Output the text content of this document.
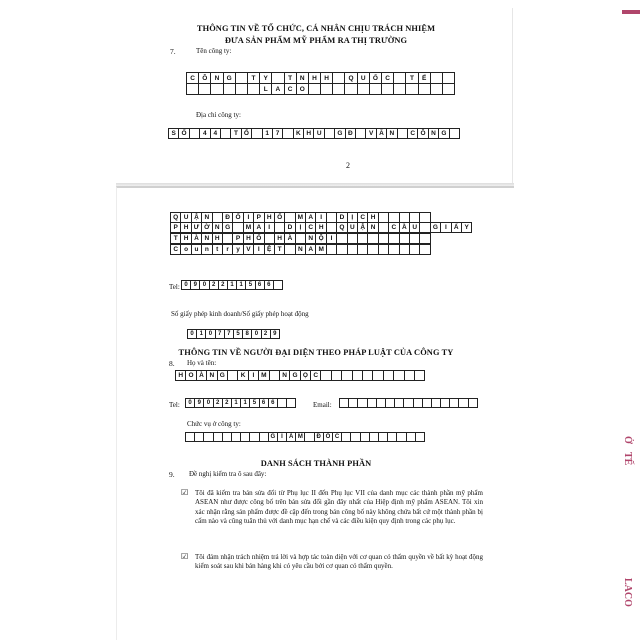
THÔNG TIN VỀ TỔ CHỨC, CÁ NHÂN CHỊU TRÁCH NHIỆM
ĐƯA SẢN PHẨM MỸ PHẨM RA THỊ TRƯỜNG
7.	Tên công ty:
C	Ô	N	G	T	Y	T	N	H	H	Q	U	Ố	C	T	Ế
L	A	C	O
Địa chỉ công ty:
S Ố	4	4	T Ổ	1	7	K H U	G Đ	V Ă N	C Ô N G
2
Q U Ậ N	Đ Ố	I	P H Ố	M A	I	D	Ị	C H
P H Ư Ờ N G	M A	I	D	Ị	C H	Q U Ậ N	C Ầ U	G	I	Ấ Y
T H À N H	P H Ố	H À	N Ộ	I
C o u n	t	r	y V	I	Ệ T	N A M
Tel: 0 9 0 2 2 1 1 5 6 6
Số giấy phép kinh doanh/Số giấy phép hoạt động
0 1 0 7 7 5 8 0 2 9
THÔNG TIN VỀ NGƯỜI ĐẠI DIỆN THEO PHÁP LUẬT CỦA CÔNG TY
8. Họ và tên:
H O À N G	K	I	M	N G Ọ C
Tel:	0 9 0 2 2 1 1 5 6 6	Email:
Chức vụ ở công ty:
G	I	Á M	Đ Ố C
DANH SÁCH THÀNH PHẦN
9. Đề nghị kiểm tra ô sau đây:
☑ Tôi đã kiểm tra bản sửa đổi từ Phụ lục II đến Phụ lục VII của danh mục các thành phần mỹ phẩm ASEAN như được công bố trên bản sửa đổi gần đây nhất của Hiệp định mỹ phẩm ASEAN. Tôi xin xác nhận rằng sản phẩm được đề cập đến trong bản công bố này không chứa bất cứ một thành phần bị cấm nào và cũng tuân thủ với danh mục hạn chế và các điều kiện quy định trong các phụ lục.
☑ Tôi đảm nhận trách nhiệm trả lời và hợp tác toàn diện với cơ quan có thẩm quyền về bất kỳ hoạt động kiểm soát sau khi bán hàng khi có yêu cầu bởi cơ quan có thẩm quyền.
Ở
TẾ
LACO
